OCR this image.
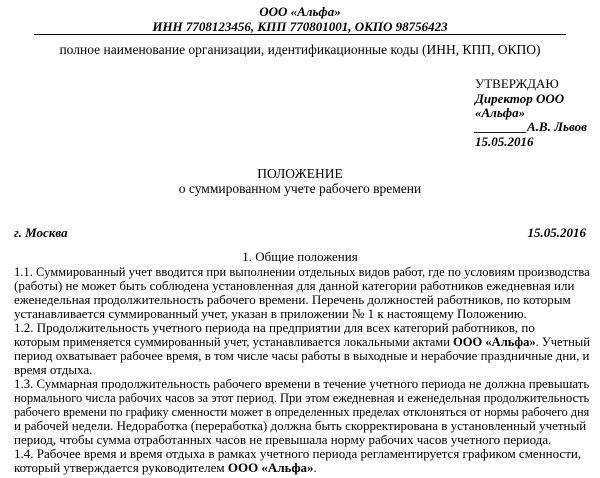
ООО «Альфа»
ИНН 7708123456, КПП 770801001, ОКПО 98756423
полное наименование организации, идентификационные коды (ИНН, КПП, ОКПО)
УТВЕРЖДАЮ
Директор ООО
«Альфа»
________А.В. Львов
15.05.2016
ПОЛОЖЕНИЕ
о суммированном учете рабочего времени
г. Москва	15.05.2016
1. Общие положения
1.1. Суммированный учет вводится при выполнении отдельных видов работ, где по условиям производства
(работы) не может быть соблюдена установленная для данной категории работников ежедневная или
еженедельная продолжительность рабочего времени. Перечень должностей работников, по которым
устанавливается суммированный учет, указан в приложении № 1 к настоящему Положению.
1.2. Продолжительность учетного периода на предприятии для всех категорий работников, по
которым применяется суммированный учет, устанавливается локальными актами ООО «Альфа». Учетный
период охватывает рабочее время, в том числе часы работы в выходные и нерабочие праздничные дни, и
время отдыха.
1.3. Суммарная продолжительность рабочего времени в течение учетного периода не должна превышать
нормального числа рабочих часов за этот период. При этом ежедневная и еженедельная продолжительность
рабочего времени по графику сменности может в определенных пределах отклоняться от нормы рабочего дня
и рабочей недели. Недоработка (переработка) должна быть скорректирована в установленный учетный
период, чтобы сумма отработанных часов не превышала норму рабочих часов учетного периода.
1.4. Рабочее время и время отдыха в рамках учетного периода регламентируется графиком сменности,
который утверждается руководителем ООО «Альфа».
